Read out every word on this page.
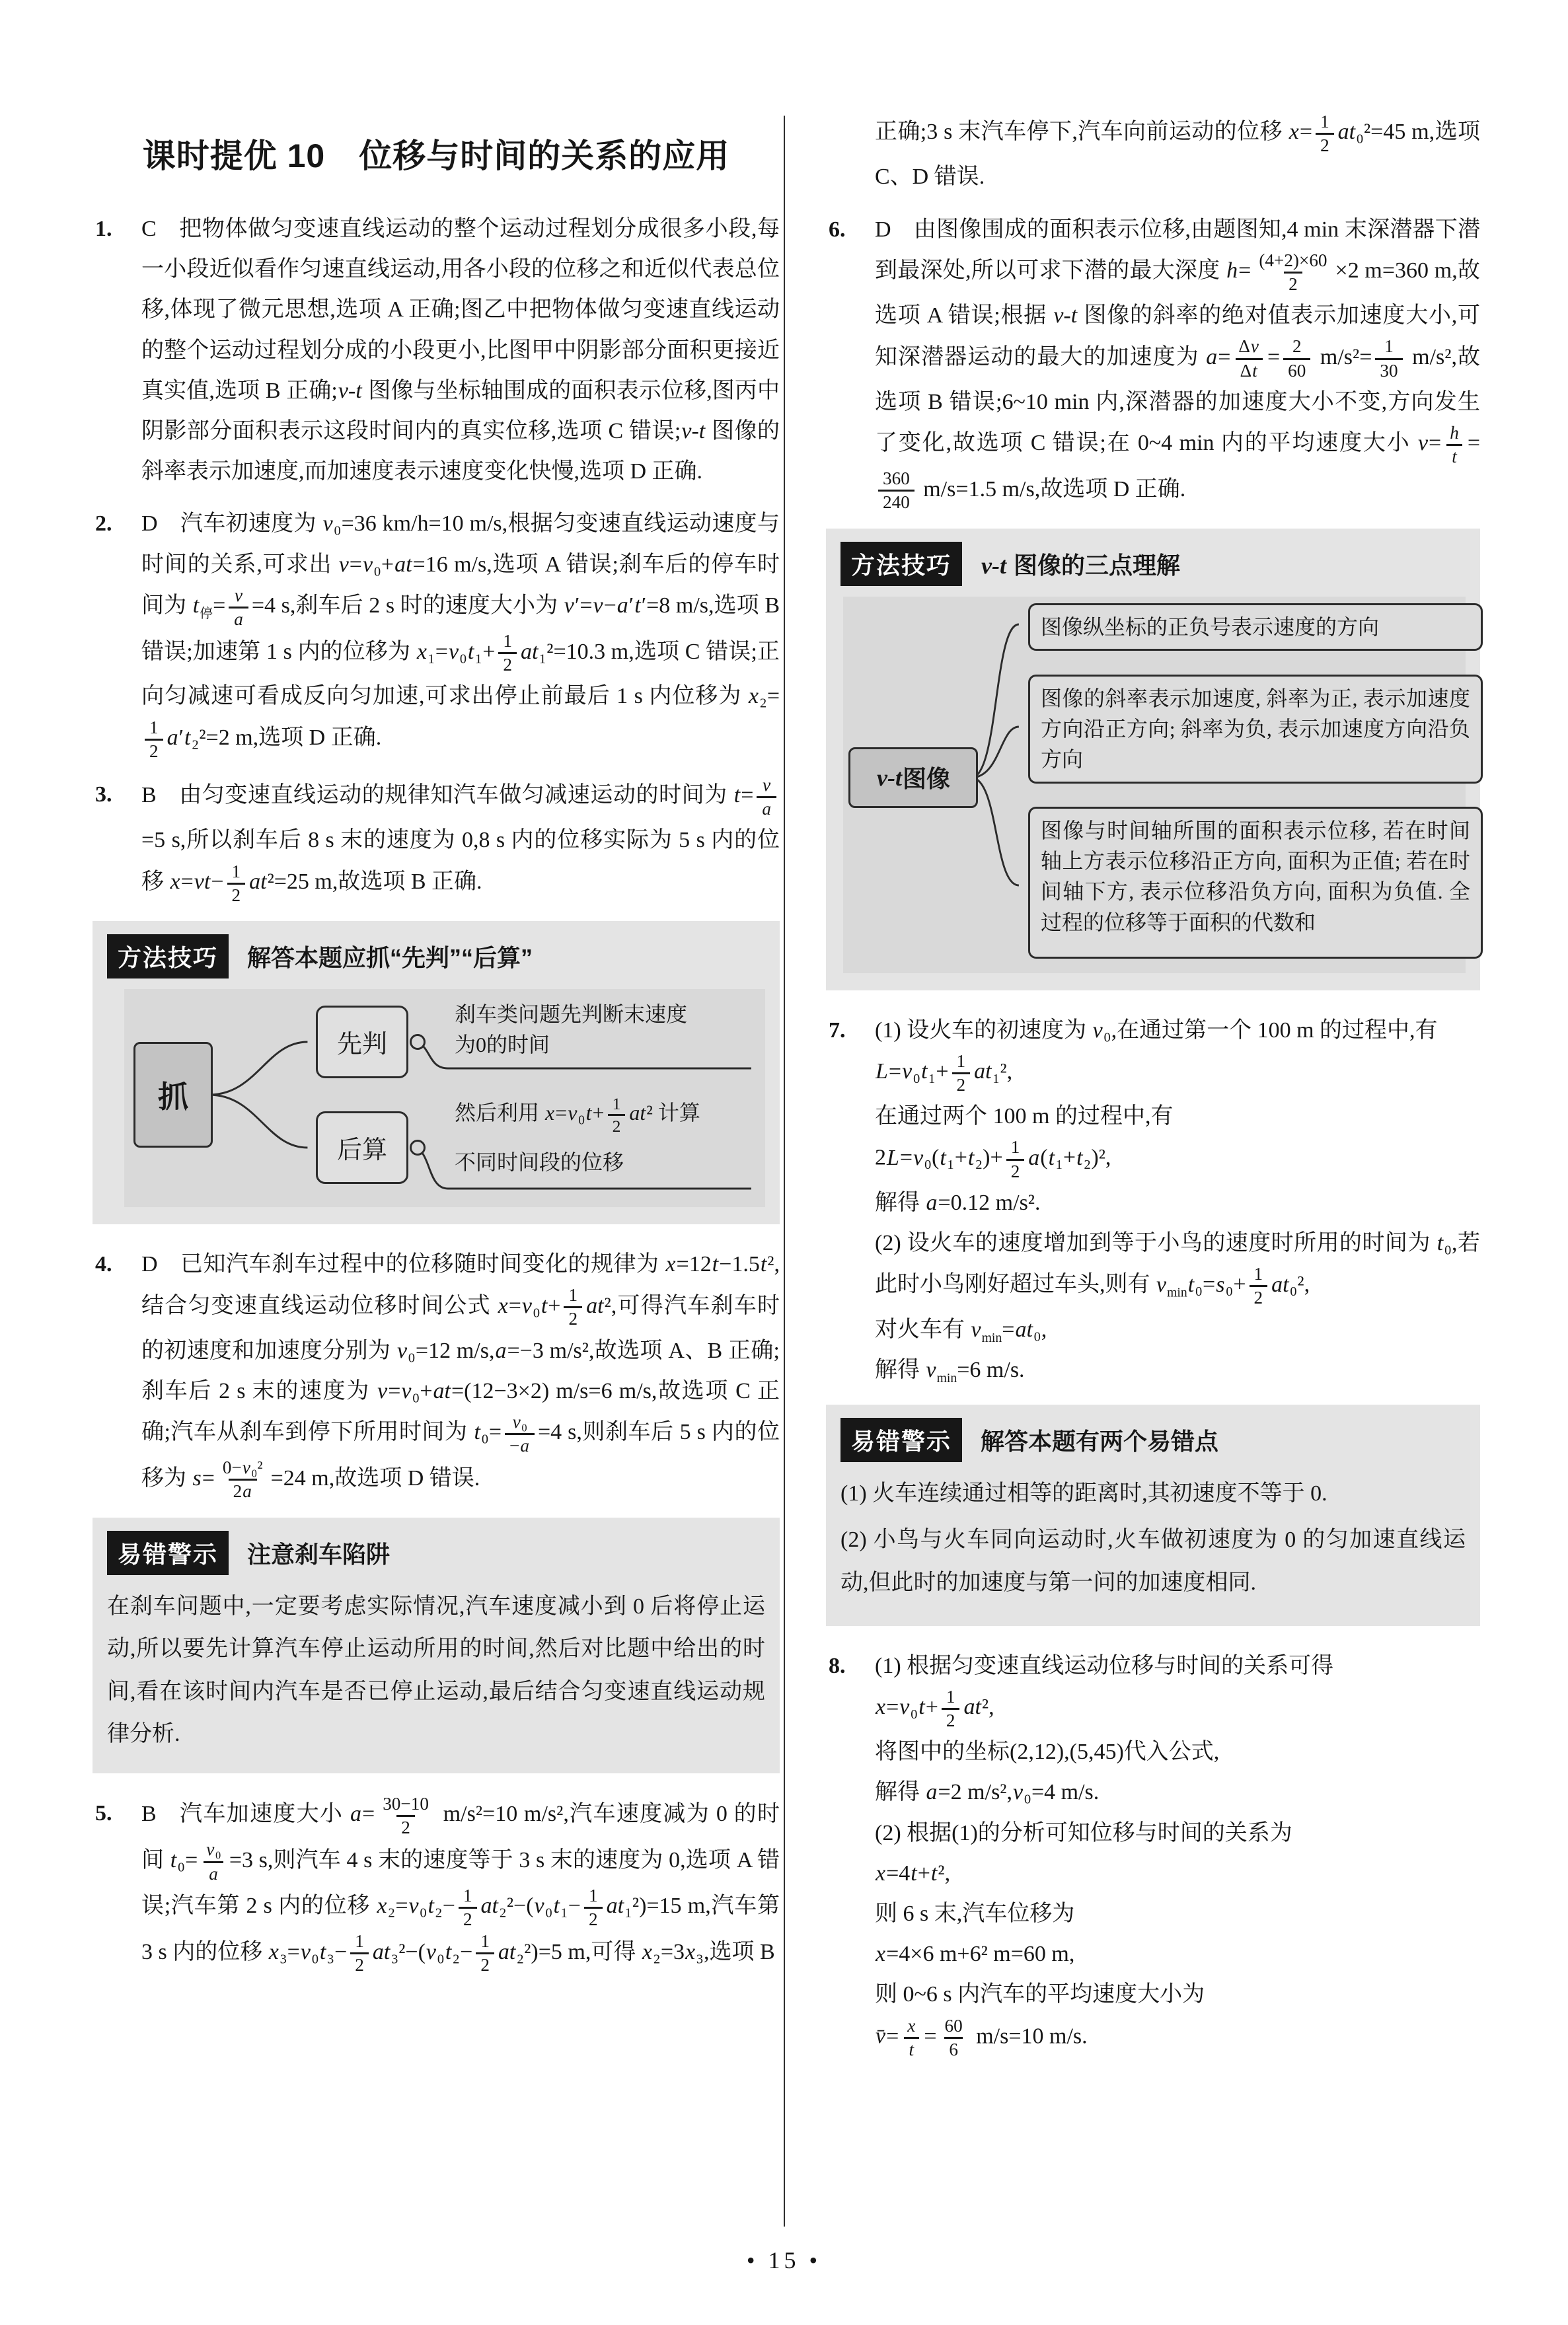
课时提优 10　位移与时间的关系的应用
1. C 把物体做匀变速直线运动的整个运动过程划分成很多小段,每一小段近似看作匀速直线运动,用各小段的位移之和近似代表总位移,体现了微元思想,选项 A 正确;图乙中把物体做匀变速直线运动的整个运动过程划分成的小段更小,比图甲中阴影部分面积更接近真实值,选项 B 正确;v-t 图像与坐标轴围成的面积表示位移,图丙中阴影部分面积表示这段时间内的真实位移,选项 C 错误;v-t 图像的斜率表示加速度,而加速度表示速度变化快慢,选项 D 正确.
2. D 汽车初速度为 v₀=36 km/h=10 m/s,根据匀变速直线运动速度与时间的关系,可求出 v=v₀+at=16 m/s,选项 A 错误;刹车后的停车时间为 $t_停= \frac{v}{a} =4$ s,刹车后 2 s 时的速度大小为 v′=v−a′t′=8 m/s,选项 B 错误;加速第 1 s 内的位移为 $x_1=v_0t_1+ \frac{1}{2} at_1^2=10.3$ m,选项 C 错误;正向匀减速可看成反向匀加速,可求出停止前最后 1 s 内位移为 x₂=
$\frac{1}{2} a't_2^2=2$ m,选项 D 正确.
3. B 由匀变速直线运动的规律知汽车做匀减速运动的时间为 $t= \frac{v}{a}$
=5 s,所以刹车后 8 s 末的速度为 0,8 s 内的位移实际为 5 s 内的位移 $x=vt- \frac{1}{2} at^2=25$ m,故选项 B 正确.
方法技巧	解答本题应抓“先判”“后算”
抓
先判
后算
刹车类问题先判断末速度
为0的时间
然后利用 $x=v_0t+ \frac{1}{2} at^2$ 计算
不同时间段的位移
4. D 已知汽车刹车过程中的位移随时间变化的规律为 x=12t−1.5t²,结合匀变速直线运动位移时间公式 $x=v_0t+ \frac{1}{2} at^2$,可得汽车刹车时的初速度和加速度分别为 v₀=12 m/s,a=−3 m/s²,故选项 A、B 正确;刹车后 2 s 末的速度为 v=v₀+at=(12−3×2) m/s=6 m/s,故选项 C 正确;汽车从刹车到停下所用时间为 $t_0= \frac{\text{v₀}}{-a} =4$ s,则刹车后 5 s 内的位移为 $s= \frac{\text{0−v₀²}}{2a} =24$ m,故选项 D 错误.
易错警示	注意刹车陷阱
在刹车问题中,一定要考虑实际情况,汽车速度减小到 0 后将停止运动,所以要先计算汽车停止运动所用的时间,然后对比题中给出的时间,看在该时间内汽车是否已停止运动,最后结合匀变速直线运动规律分析.
5. B 汽车加速度大小 $a= \frac{30-10}{2} m/s^2=10$ m/s²,汽车速度减为 0 的时间 $t_0= \frac{\text{v₀}}{a} =3$ s,则汽车 4 s 末的速度等于 3 s 末的速度为 0,选项 A 错误;汽车第 2 s 内的位移 $x_2=v_0t_2- \frac{1}{2} at_2^2-(v_0t_1- \frac{1}{2} at_1^2)=15$ m,汽车第 3 s 内的位移 $x_3=v_0t_3- \frac{1}{2} at_3^2-(v_0t_2- \frac{1}{2} at_2^2)=5$ m,可得 x₂=3x₃,选项 B
正确;3 s 末汽车停下,汽车向前运动的位移 $x= \frac{1}{2} at_0^2=45$ m,选项 C、D 错误.
6. D 由图像围成的面积表示位移,由题图知,4 min 末深潜器下潜到最深处,所以可求下潜的最大深度 $h= \frac{(4+2)\times 60}{2} \times 2$ m=360 m,故选项 A 错误;根据 v-t 图像的斜率的绝对值表示加速度大小,可知深潜器运动的最大的加速度为 $a= \frac{\Delta v}{\Delta t} = \frac{2}{60} m/s^2= \frac{1}{30} m/s^2$,故选项 B 错误;6~10 min 内,深潜器的加速度大小不变,方向发生了变化,故选项 C 错误;在 0~4 min 内的平均速度大小 $v= \frac{h}{t}$ =
$\frac{360}{240} m/s=1.5$ m/s,故选项 D 正确.
方法技巧	v-t 图像的三点理解
v-t 图像
图像纵坐标的正负号表示速度的方向
图像的斜率表示加速度, 斜率为正, 表示加速度方向沿正方向; 斜率为负, 表示加速度方向沿负方向
图像与时间轴所围的面积表示位移, 若在时间轴上方表示位移沿正方向, 面积为正值; 若在时间轴下方, 表示位移沿负方向, 面积为负值. 全过程的位移等于面积的代数和
7. (1) 设火车的初速度为 v₀,在通过第一个 100 m 的过程中,有
$L=v_0t_1+ \frac{1}{2} at_1^2$,
在通过两个 100 m 的过程中,有
$2L=v_0(t_1+t_2)+ \frac{1}{2} a(t_1+t_2)^2$,
解得 a=0.12 m/s².
(2) 设火车的速度增加到等于小鸟的速度时所用的时间为 t₀,若此时小鸟刚好超过车头,则有 $v_{min}t_0=s_0+ \frac{1}{2} at_0^2$,
对火车有 $v_{min}=at_0$,
解得 $v_{min}=6$ m/s.
易错警示	解答本题有两个易错点

(1) 火车连续通过相等的距离时,其初速度不等于 0.

(2) 小鸟与火车同向运动时,火车做初速度为 0 的匀加速直线运动,但此时的加速度与第一问的加速度相同.

8. (1) 根据匀变速直线运动位移与时间的关系可得
$x=v_0t+ \frac{1}{2} at^2$,
将图中的坐标(2,12),(5,45)代入公式,
解得 a=2 m/s²,v₀=4 m/s.
(2) 根据(1)的分析可知位移与时间的关系为
x=4t+t²,
则 6 s 末,汽车位移为
x=4×6 m+6² m=60 m,
则 0~6 s 内汽车的平均速度大小为
v̄= $\frac{x}{t} = \frac{60}{6} m/s=10$ m/s.
• 15 •
